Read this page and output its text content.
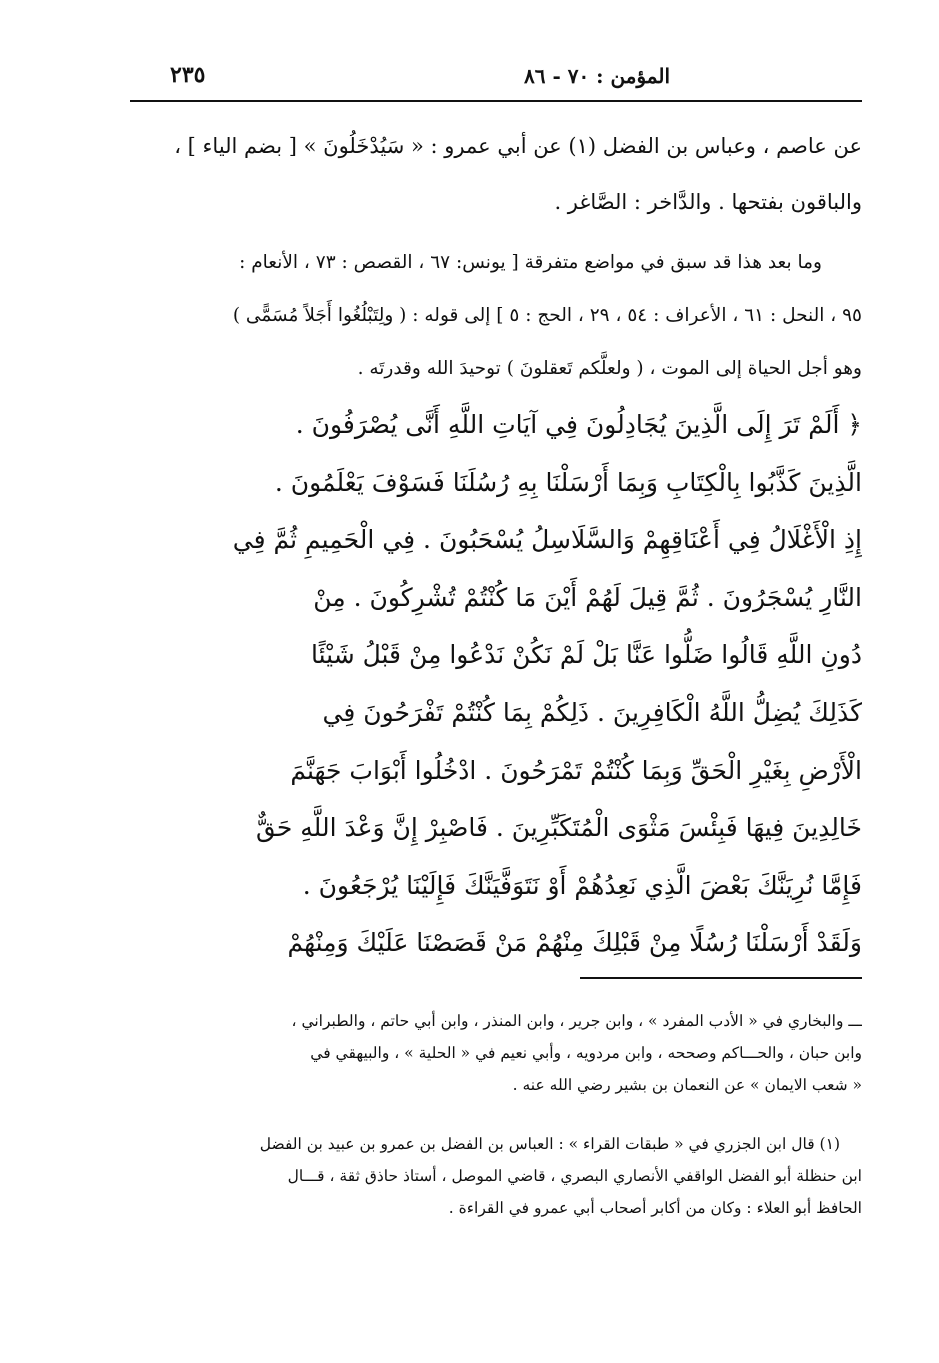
المؤمن : ٧٠ - ٨٦
٢٣٥
عن عاصم ، وعباس بن الفضل (١) عن أبي عمرو : « سَيُدْخَلُونَ » [ بضم الياء ] ،
والباقون بفتحها . والدَّاخر : الصَّاغر .
وما بعد هذا قد سبق في مواضع متفرقة [ يونس: ٦٧ ، القصص : ٧٣ ، الأنعام :
٩٥ ، النحل : ٦١ ، الأعراف : ٥٤ ، ٢٩ ، الحج : ٥ ] إلى قوله : ( ولِتَبْلُغُوا أَجَلاً مُسَمًّى )
وهو أجل الحياة إلى الموت ، ( ولعلَّكم تَعقلونَ ) توحيدَ الله وقدرتَه .
﴿ أَلَمْ تَرَ إِلَى الَّذِينَ يُجَادِلُونَ فِي آيَاتِ اللَّهِ أَنَّى يُصْرَفُونَ .
الَّذِينَ كَذَّبُوا بِالْكِتَابِ وَبِمَا أَرْسَلْنَا بِهِ رُسُلَنَا فَسَوْفَ يَعْلَمُونَ .
إِذِ الْأَغْلَالُ فِي أَعْنَاقِهِمْ وَالسَّلَاسِلُ يُسْحَبُونَ . فِي الْحَمِيمِ ثُمَّ فِي
النَّارِ يُسْجَرُونَ . ثُمَّ قِيلَ لَهُمْ أَيْنَ مَا كُنْتُمْ تُشْرِكُونَ . مِنْ
دُونِ اللَّهِ قَالُوا ضَلُّوا عَنَّا بَلْ لَمْ نَكُنْ نَدْعُوا مِنْ قَبْلُ شَيْئًا
كَذَلِكَ يُضِلُّ اللَّهُ الْكَافِرِينَ . ذَلِكُمْ بِمَا كُنْتُمْ تَفْرَحُونَ فِي
الْأَرْضِ بِغَيْرِ الْحَقِّ وَبِمَا كُنْتُمْ تَمْرَحُونَ . ادْخُلُوا أَبْوَابَ جَهَنَّمَ
خَالِدِينَ فِيهَا فَبِئْسَ مَثْوَى الْمُتَكَبِّرِينَ . فَاصْبِرْ إِنَّ وَعْدَ اللَّهِ حَقٌّ
فَإِمَّا نُرِيَنَّكَ بَعْضَ الَّذِي نَعِدُهُمْ أَوْ نَتَوَفَّيَنَّكَ فَإِلَيْنَا يُرْجَعُونَ .
وَلَقَدْ أَرْسَلْنَا رُسُلًا مِنْ قَبْلِكَ مِنْهُمْ مَنْ قَصَصْنَا عَلَيْكَ وَمِنْهُمْ
ـــ والبخاري في « الأدب المفرد » ، وابن جرير ، وابن المنذر ، وابن أبي حاتم ، والطبراني ،
وابن حبان ، والحـــاكم وصححه ، وابن مردويه ، وأبي نعيم في « الحلية » ، والبيهقي في
« شعب الايمان » عن النعمان بن بشير رضي الله عنه .
(١) قال ابن الجزري في « طبقات القراء » : العباس بن الفضل بن عمرو بن عبيد بن الفضل
ابن حنظلة أبو الفضل الواقفي الأنصاري البصري ، قاضي الموصل ، أستاذ حاذق ثقة ، قـــال
الحافظ أبو العلاء : وكان من أكابر أصحاب أبي عمرو في القراءة .
